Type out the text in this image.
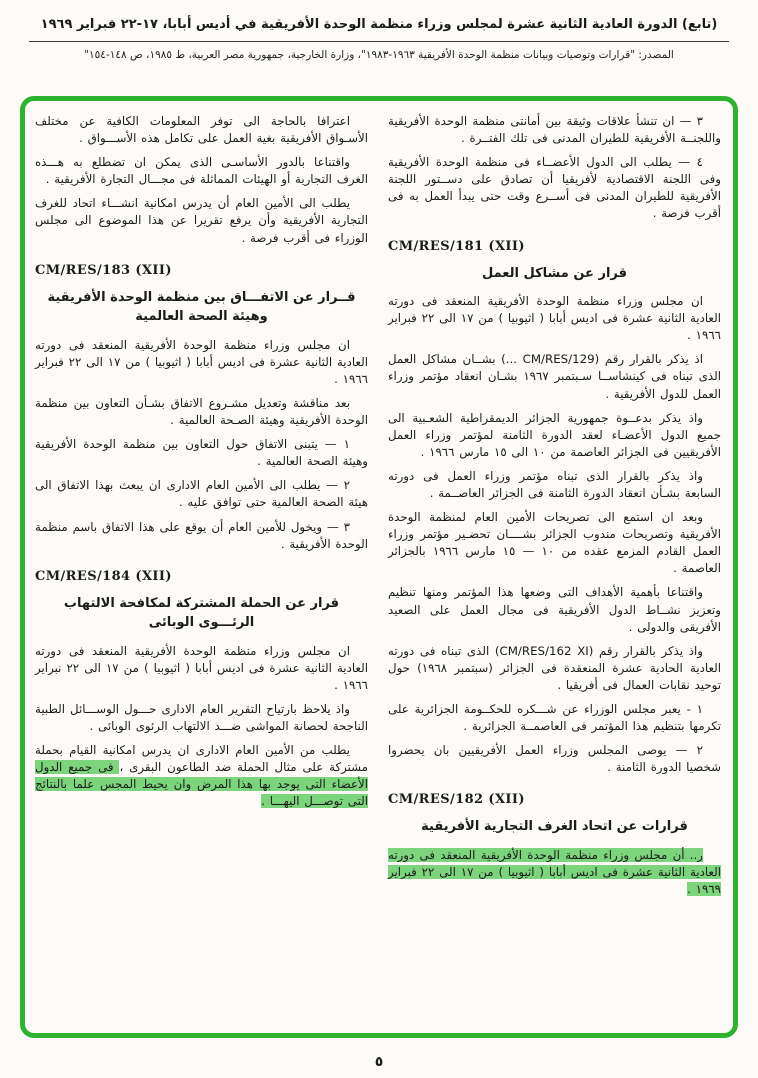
(تابع) الدورة العادية الثانية عشرة لمجلس وزراء منظمة الوحدة الأفريقية في أديس أبابا، ١٧-٢٢ فبراير ١٩٦٩
المصدر: "قرارات وتوصيات وبيانات منظمة الوحدة الأفريقية ١٩٦٣-١٩٨٣"، وزارة الخارجية، جمهورية مصر العربية، ط ١٩٨٥، ص ١٤٨-١٥٤"

٣ — ان تنشأ علاقات وثيقة بين أمانتى منظمة الوحدة الأفريقية واللجنــة الأفريقية للطيران المدنى فى تلك الفتــرة .

٤ — يطلب الى الدول الأعضــاء فى منظمة الوحدة الأفريقية وفى اللجنة الاقتصادية لأفريقيا أن تصادق على دســتور اللجنة الأفريقية للطيران المدنى فى أســرع وقت حتى يبدأ العمل به فى أقرب فرصة .

CM/RES/181 (XII)
قرار عن مشاكل العمل

ان مجلس وزراء منظمة الوحدة الأفريقية المنعقد فى دورته العادية الثانية عشرة فى اديس أبابا ( اثيوبيا ) من ١٧ الى ٢٢ فبراير ١٩٦٦ .

اذ يذكر بالقرار رقم (CM/RES/129 ...) بشــان مشاكل العمل الذى تبناه فى كينشاســا سـبتمبر ١٩٦٧ بشـان انعقاد مؤتمر وزراء العمل للدول الأفريقية .

واذ يذكر بدعــوة جمهورية الجزائر الديمقراطية الشعـبية الى جميع الدول الأعضـاء لعقد الدورة الثامنة لمؤتمر وزراء العمل الأفريقيين فى الجزائر العاصمة من ١٠ الى ١٥ مارس ١٩٦٦ .

واذ يذكر بالقرار الذى تبناه مؤتمر وزراء العمل فى دورته السابعة بشـأن انعقاد الدورة الثامنة فى الجزائر العاصــمة .

وبعد ان استمع الى تصريحات الأمين العام لمنظمة الوحدة الأفريقية وتصريحات مندوب الجزائر بشــــان تحضـير مؤتمر وزراء العمل القادم المزمع عقده من ١٠ — ١٥ مارس ١٩٦٦ بالجزائر العاصمة .

واقتناعا بأهمية الأهداف التى وضعها هذا المؤتمر ومنها تنظيم وتعزيز نشــاط الدول الأفريقية فى مجال العمل على الصعيد الأفريقى والدولى .

واذ يذكر بالقرار رقم (CM/RES/162 XI) الذى تبناه فى دورته العادية الحادية عشرة المنعقدة فى الجزائر (سبتمبر ١٩٦٨) حول توحيد نقابات العمال فى أفريقيا .

١ - يعبر مجلس الوزراء عن شـــكره للحكــومة الجزائرية على تكرمها بتنظيم هذا المؤتمر فى العاصمــة الجزائرية .

٢ — يوصى المجلس وزراء العمل الأفريقيين بان يحضروا شخصيا الدورة الثامنة .

CM/RES/182 (XII)
قرارات عن اتحاد الغرف التجارية الأفريقية

ر.. أن مجلس وزراء منظمة الوحدة الأفريقية المنعقد فى دورته العادية الثانية عشرة فى اديس أبابا ( اثيوبيا ) من ١٧ الى ٢٢ فبراير ١٩٦٩ .

اعترافا بالحاجة الى توفر المعلومات الكافية عن مختلف الأسـواق الأفريقية بغية العمل على تكامل هذه الأســـواق .

واقتناعا بالدور الأساسـى الذى يمكن ان تضطلع به هـــذه الغرف التجارية أو الهيئات المماثلة فى مجـــال التجارة الأفريقية .

يطلب الى الأمين العام أن يدرس امكانية انشـــاء اتحاد للغرف التجارية الأفريقية وأن يرفع تقريرا عن هذا الموضوع الى مجلس الوزراء فى أقرب فرصة .

CM/RES/183 (XII)
قــرار عن الاتفـــاق بين منظمة الوحدة الأفريقية وهيئة الصحة العالمية

ان مجلس وزراء منظمة الوحدة الأفريقية المنعقد فى دورته العادية الثانية عشرة فى اديس أبابا ( اثيوبيا ) من ١٧ الى ٢٢ فبراير ١٩٦٦ .

بعد مناقشة وتعديل مشـروع الاتفاق بشـأن التعاون بين منظمة الوحدة الأفريقية وهيئة الصـحة العالمية .

١ — يتبنى الاتفاق حول التعاون بين منظمة الوحدة الأفريقية وهيئة الصحة العالمية .

٢ — يطلب الى الأمين العام الادارى ان يبعث بهذا الاتفاق الى هيئة الصحة العالمية حتى توافق عليه .

٣ — ويخول للأمين العام أن يوقع على هذا الاتفاق باسم منظمة الوحدة الأفريقية .

CM/RES/184 (XII)
قرار عن الحملة المشتركة لمكافحة الالتهاب الرئـــوى الوبائى

ان مجلس وزراء منظمة الوحدة الأفريقية المنعقد فى دورته العادية الثانية عشرة فى اديس أبابا ( اثيوبيا ) من ١٧ الى ٢٢ نبراير ١٩٦٦ .

واذ يلاحظ بارتياح التقرير العام الادارى حـــول الوســـائل الطبية الناجحة لحصانة المواشى ضـــد الالتهاب الرئوى الوبائى .

يطلب من الأمين العام الادارى ان يدرس امكانية القيام بحملة مشتركة على مثال الحملة ضد الطاعون البقرى ، فى جميع الدول الأعضاء التى يوجد بها هذا المرض وان يحيط المجس علما بالنتائج التى توصـــل اليهـــا .

٥
